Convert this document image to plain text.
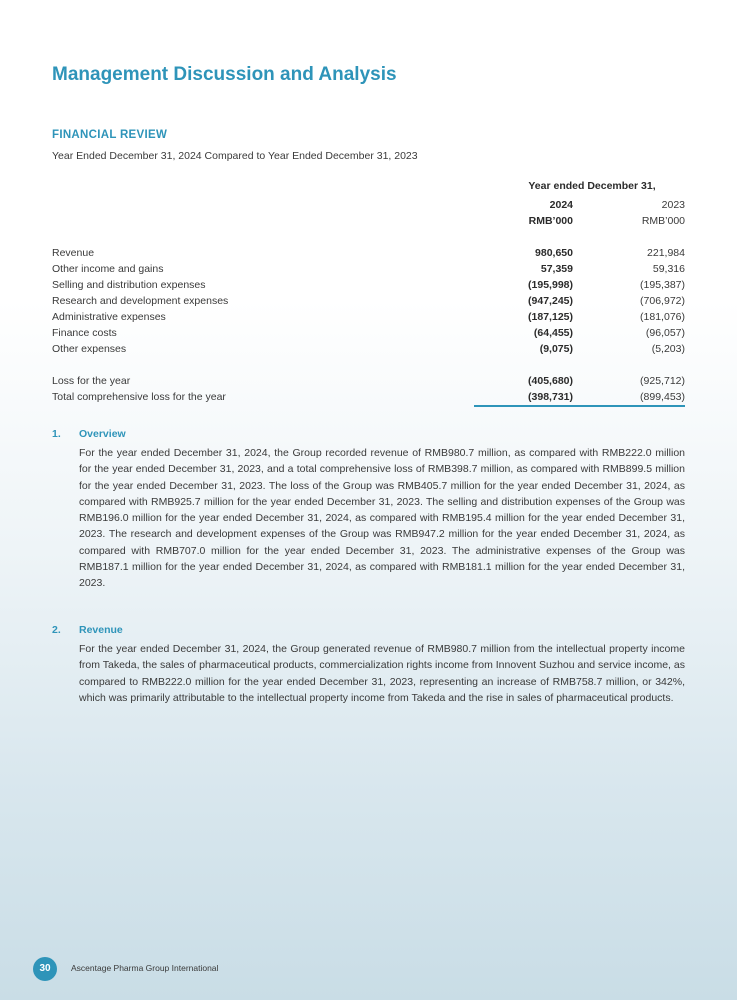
Management Discussion and Analysis
FINANCIAL REVIEW
Year Ended December 31, 2024 Compared to Year Ended December 31, 2023
Year ended December 31,
2024	2023
RMB’000	RMB’000
Revenue	980,650	221,984
Other income and gains	57,359	59,316
Selling and distribution expenses	(195,998)	(195,387)
Research and development expenses	(947,245)	(706,972)
Administrative expenses	(187,125)	(181,076)
Finance costs	(64,455)	(96,057)
Other expenses	(9,075)	(5,203)
Loss for the year	(405,680)	(925,712)
Total comprehensive loss for the year	(398,731)	(899,453)
1. Overview

For the year ended December 31, 2024, the Group recorded revenue of RMB980.7 million, as compared with RMB222.0 million for the year ended December 31, 2023, and a total comprehensive loss of RMB398.7 million, as compared with RMB899.5 million for the year ended December 31, 2023. The loss of the Group was RMB405.7 million for the year ended December 31, 2024, as compared with RMB925.7 million for the year ended December 31, 2023. The selling and distribution expenses of the Group was RMB196.0 million for the year ended December 31, 2024, as compared with RMB195.4 million for the year ended December 31, 2023. The research and development expenses of the Group was RMB947.2 million for the year ended December 31, 2024, as compared with RMB707.0 million for the year ended December 31, 2023. The administrative expenses of the Group was RMB187.1 million for the year ended December 31, 2024, as compared with RMB181.1 million for the year ended December 31, 2023.

2. Revenue

For the year ended December 31, 2024, the Group generated revenue of RMB980.7 million from the intellectual property income from Takeda, the sales of pharmaceutical products, commercialization rights income from Innovent Suzhou and service income, as compared to RMB222.0 million for the year ended December 31, 2023, representing an increase of RMB758.7 million, or 342%, which was primarily attributable to the intellectual property income from Takeda and the rise in sales of pharmaceutical products.

30	Ascentage Pharma Group International
